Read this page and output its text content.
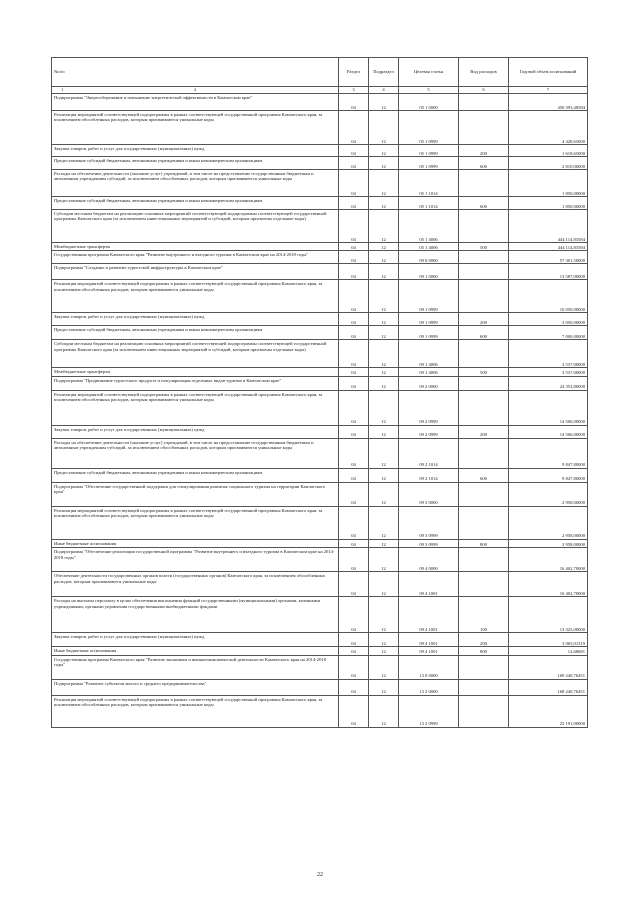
№п/п	Раздел	Подраздел	Целевая статья	Вид расходов	Годовой объем ассигнований

1 2	3	4	5	6	7
Подпрограмма "Энергосбережение и повышение энергетической эффективности в Камчатском крае"	04	12	05 1 0000		450 393,48584
Реализация мероприятий соответствующей подпрограммы в рамках соответствующей государственной программы Камчатского края, за исключением обособленных расходов, которым присваиваются уникальные коды	04	12	05 1 0999		4 428,65000
Закупка товаров, работ и услуг для государственных (муниципальных) нужд	04	12	05 1 0999	200	1 618,65000
Предоставление субсидий бюджетным, автономным учреждениям и иным некоммерческим организациям	04	12	05 1 0999	600	2 810,00000
Расходы на обеспечение деятельности (оказание услуг) учреждений, в том числе на предоставление государственным бюджетным и автономным учреждениям субсидий, за исключением обособленных расходов, которым присваиваются уникальные коды	04	12	05 1 1014		1 850,00000
Предоставление субсидий бюджетным, автономным учреждениям и иным некоммерческим организациям	04	12	05 1 1014	600	1 850,00000
Субсидии местным бюджетам на реализацию основных мероприятий соответствующей подпрограммы соответствующей государственной программы Камчатского края (за исключением инвестиционных мероприятий и субсидий, которым присвоены отдельные коды)	04	12	05 1 4006		444 114,83584
Межбюджетные трансферты	04	12	05 1 4006	500	444 114,83584
Государственная программа Камчатского края "Развитие внутреннего и въездного туризма в Камчатском крае на 2014-2018 годы"	04	12	09 0 0000		57 301,50000
Подпрограмма "Создание и развитие туристской инфраструктуры в Камчатском крае"	04	12	09 1 0000		13 587,00000
Реализация мероприятий соответствующей подпрограммы в рамках соответствующей государственной программы Камчатского края, за исключением обособленных расходов, которым присваиваются уникальные коды	04	12	09 1 0999		10 050,00000
Закупка товаров, работ и услуг для государственных (муниципальных) нужд	04	12	09 1 0999	200	3 050,00000
Предоставление субсидий бюджетным, автономным учреждениям и иным некоммерческим организациям	04	12	09 1 0999	600	7 000,00000
Субсидии местным бюджетам на реализацию основных мероприятий соответствующей подпрограммы соответствующей государственной программы Камчатского края (за исключением инвестиционных мероприятий и субсидий, которым присвоены отдельные коды)	04	12	09 1 4006		3 537,00000
Межбюджетные трансферты	04	12	09 1 4006	500	3 537,00000
Подпрограмма "Продвижение туристского продукта и популяризация отдельных видов туризма в Камчатском крае"	04	12	09 2 0000		24 353,80000
Реализация мероприятий соответствующей подпрограммы в рамках соответствующей государственной программы Камчатского края, за исключением обособленных расходов, которым присваиваются уникальные коды	04	12	09 2 0999		14 506,00000
Закупка товаров, работ и услуг для государственных (муниципальных) нужд	04	12	09 2 0999	200	14 506,00000
Расходы на обеспечение деятельности (оказание услуг) учреждений, в том числе на предоставление государственным бюджетным и автономным учреждениям субсидий, за исключением обособленных расходов, которым присваиваются уникальные коды	04	12	09 2 1014		9 847,80000
Предоставление субсидий бюджетным, автономным учреждениям и иным некоммерческим организациям	04	12	09 2 1014	600	9 847,80000
Подпрограмма "Обеспечение государственной поддержки для стимулирования развития социального туризма на территории Камчатского края"	04	12	09 3 0000		2 958,00000
Реализация мероприятий соответствующей подпрограммы в рамках соответствующей государственной программы Камчатского края, за исключением обособленных расходов, которым присваиваются уникальные коды	04	12	09 3 0999		2 958,00000
Иные бюджетные ассигнования	04	12	09 3 0999	800	2 958,00000
Подпрограмма "Обеспечение реализации государственной программы "Развитие внутреннего и въездного туризма в Камчатском крае на 2014-2018 годы"	04	12	09 4 0000		16 402,70000
Обеспечение деятельности государственных органов власти (государственных органов) Камчатского края, за исключением обособленных расходов, которым присваиваются уникальные коды	04	12	09 4 1001		16 402,70000
Расходы на выплаты персоналу в целях обеспечения выполнения функций государственными (муниципальными) органами, казенными учреждениями, органами управления государственными внебюджетными фондами	04	12	09 4 1001	100	13 325,00000
Закупка товаров, работ и услуг для государственных (муниципальных) нужд	04	12	09 4 1001	200	3 065,01319
Иные бюджетные ассигнования	04	12	09 4 1001	800	12,68681
Государственная программа Камчатского края "Развитие экономики и внешнеэкономической деятельности Камчатского края на 2014-2018 годы"	04	12	13 0 0000		169 240,76451
Подпрограмма "Развитие субъектов малого и среднего предпринимательства"	04	12	13 2 0000		168 240,76451
Реализация мероприятий соответствующей подпрограммы в рамках соответствующей государственной программы Камчатского края, за исключением обособленных расходов, которым присваиваются уникальные коды	04	12	13 2 0999		23 191,00000
22
